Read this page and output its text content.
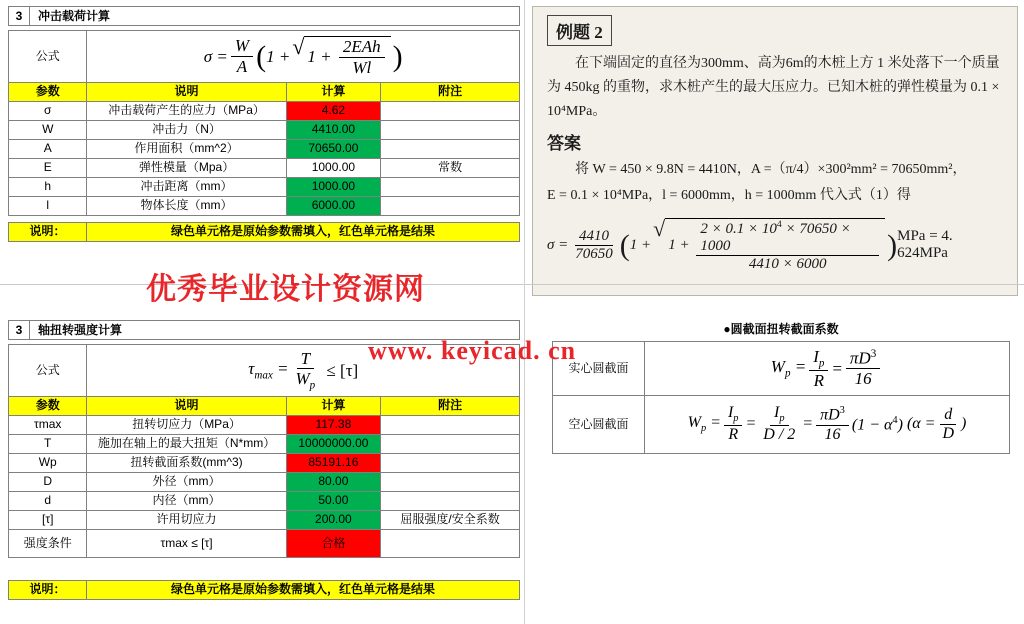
3	冲击载荷计算
公式	$\sigma = \frac{W}{A}$ ( 1 + √ $1 + \frac{\text{2EAh}}{Wl}$ )

参数	说明	计算	附注
σ	冲击载荷产生的应力（MPa）	4.62	
W	冲击力（N）	4410.00	
A	作用面积（mm^2）	70650.00	
E	弹性模量（Mpa）	1000.00	常数
h	冲击距离（mm）	1000.00	
l	物体长度（mm）	6000.00	
说明：	绿色单元格是原始参数需填入，红色单元格是结果
3	轴扭转强度计算
公式	$\tau_{max} = \frac{T}{W_p} \le [\tau]$		

参数	说明	计算	附注
τmax	扭转切应力（MPa）	117.38	
T	施加在轴上的最大扭矩（N*mm）	10000000.00	
Wp	扭转截面系数(mm^3)	85191.16	
D	外径（mm）	80.00	
d	内径（mm）	50.00	
[τ]	许用切应力	200.00	屈服强度/安全系数
强度条件	τmax ≤ [τ]	合格	
说明：	绿色单元格是原始参数需填入，红色单元格是结果
例题 2

在下端固定的直径为300mm、高为6m的木桩上方 1 米处落下一个质量为 450kg 的重物，求木桩产生的最大压应力。已知木桩的弹性模量为 0.1 × 10⁴MPa。

答案

将 W = 450 × 9.8N = 4410N，A =（π/4）×300²mm² = 70650mm²，

E = 0.1 × 10⁴MPa，l = 6000mm，h = 1000mm 代入式（1）得

$\sigma = \frac{4410}{70650}$ ( 1 +
√
$1 + \frac{2 \times 0.1 \times 10^4 \times 70650 \times 1000}{4410 \times 6000}$ ) MPa = 4. 624MPa
●圆截面扭转截面系数
实心圆截面	$W_p = \frac{I_p}{R} = \frac{\pi D^3}{16}$

空心圆截面	$W_p = \frac{I_p}{R} = \frac{I_p}{D / 2} = \frac{\pi D^3}{16} (1 - \alpha^4) (\alpha = \frac{d}{D}$ )
优秀毕业设计资源网
www. keyicad. cn
